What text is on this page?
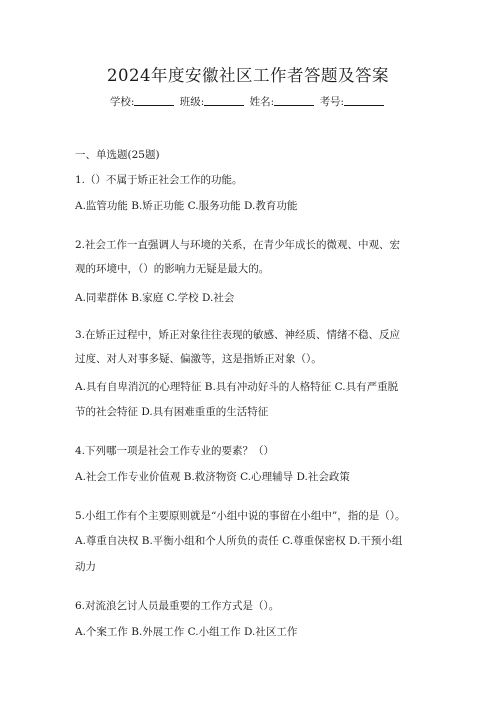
2024年度安徽社区工作者答题及答案
学校:	班级:	姓名:	考号:
一、单选题(25题)
1.（）不属于矫正社会工作的功能。
A.监管功能 B.矫正功能 C.服务功能 D.教育功能
2.社会工作一直强调人与环境的关系，在青少年成长的微观、中观、宏
观的环境中，（）的影响力无疑是最大的。
A.同辈群体 B.家庭 C.学校 D.社会
3.在矫正过程中，矫正对象往往表现的敏感、神经质、情绪不稳、反应
过度、对人对事多疑、偏激等，这是指矫正对象（）。
A.具有自卑消沉的心理特征 B.具有冲动好斗的人格特征 C.具有严重脱
节的社会特征 D.具有困难重重的生活特征
4.下列哪一项是社会工作专业的要素？（）
A.社会工作专业价值观 B.救济物资 C.心理辅导 D.社会政策
5.小组工作有个主要原则就是“小组中说的事留在小组中”，指的是（）。
A.尊重自决权 B.平衡小组和个人所负的责任 C.尊重保密权 D.干预小组
动力
6.对流浪乞讨人员最重要的工作方式是（）。
A.个案工作 B.外展工作 C.小组工作 D.社区工作
